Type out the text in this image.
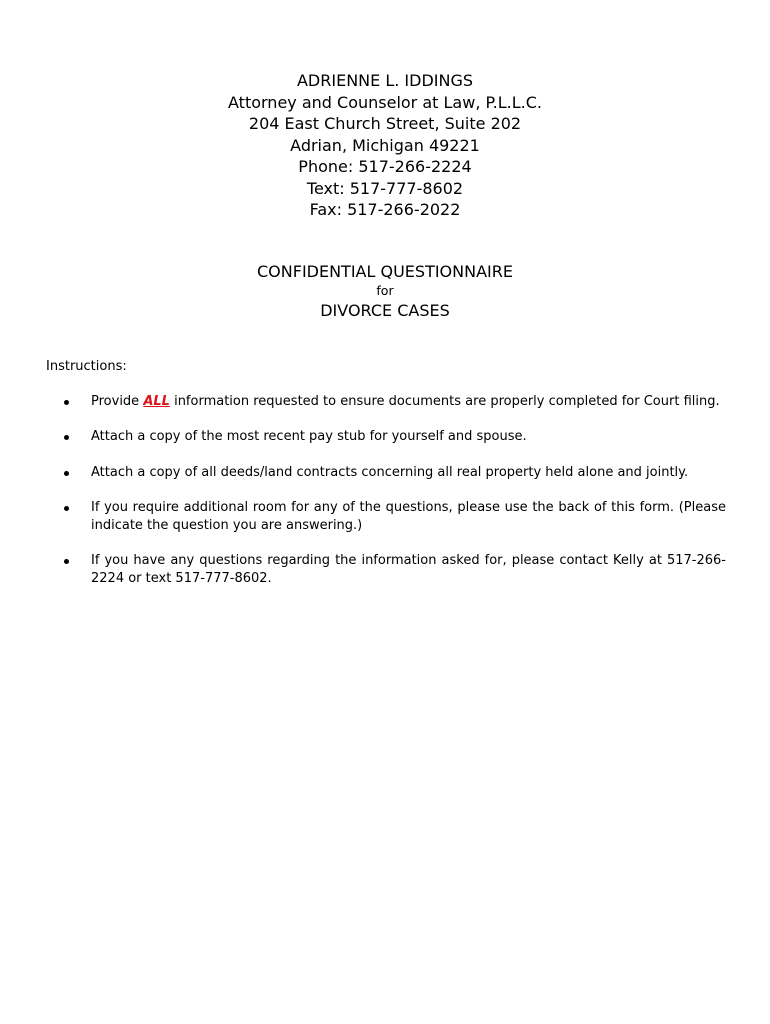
ADRIENNE L. IDDINGS
Attorney and Counselor at Law, P.L.L.C.
204 East Church Street, Suite 202
Adrian, Michigan 49221
Phone: 517-266-2224
Text: 517-777-8602
Fax: 517-266-2022
CONFIDENTIAL QUESTIONNAIRE
for
DIVORCE CASES
Instructions:
Provide ALL information requested to ensure documents are properly completed for Court filing.
Attach a copy of the most recent pay stub for yourself and spouse.
Attach a copy of all deeds/land contracts concerning all real property held alone and jointly.
If you require additional room for any of the questions, please use the back of this form. (Please indicate the question you are answering.)
If you have any questions regarding the information asked for, please contact Kelly at 517-266-2224 or text 517-777-8602.
